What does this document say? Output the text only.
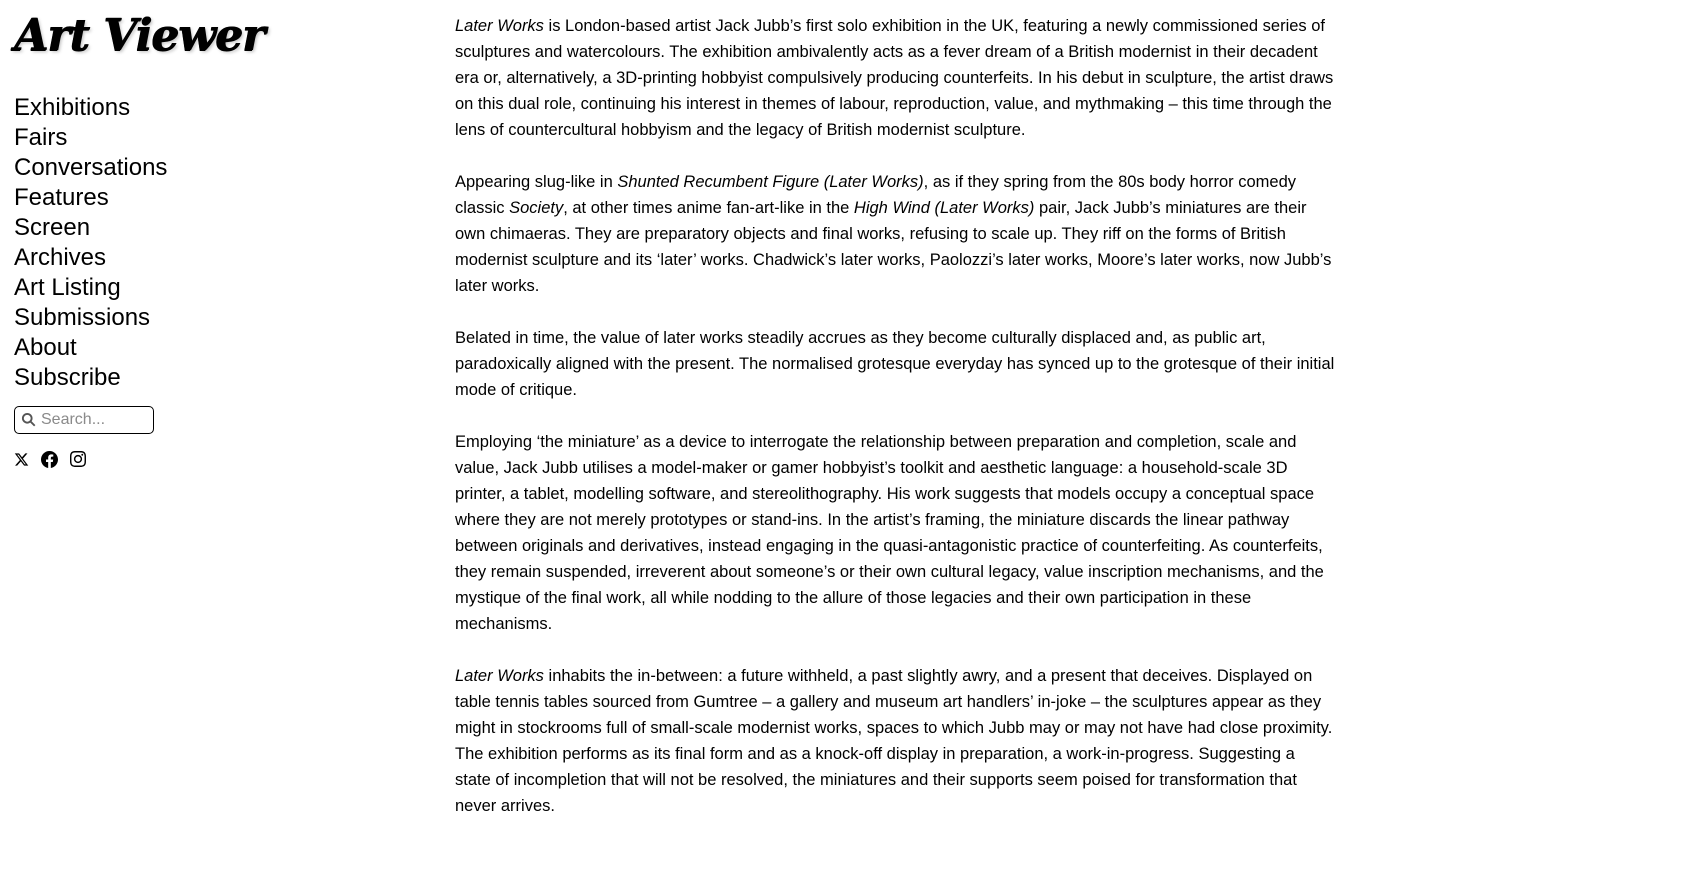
Art Viewer
Exhibitions
Fairs
Conversations
Features
Screen
Archives
Art Listing
Submissions
About
Subscribe
Search...

Later Works is London-based artist Jack Jubb’s first solo exhibition in the UK, featuring a newly commissioned series of sculptures and watercolours. The exhibition ambivalently acts as a fever dream of a British modernist in their decadent era or, alternatively, a 3D-printing hobbyist compulsively producing counterfeits. In his debut in sculpture, the artist draws on this dual role, continuing his interest in themes of labour, reproduction, value, and mythmaking – this time through the lens of countercultural hobbyism and the legacy of British modernist sculpture.

Appearing slug-like in Shunted Recumbent Figure (Later Works), as if they spring from the 80s body horror comedy classic Society, at other times anime fan-art-like in the High Wind (Later Works) pair, Jack Jubb’s miniatures are their own chimaeras. They are preparatory objects and final works, refusing to scale up. They riff on the forms of British modernist sculpture and its ‘later’ works. Chadwick’s later works, Paolozzi’s later works, Moore’s later works, now Jubb’s later works.

Belated in time, the value of later works steadily accrues as they become culturally displaced and, as public art, paradoxically aligned with the present. The normalised grotesque everyday has synced up to the grotesque of their initial mode of critique.

Employing ‘the miniature’ as a device to interrogate the relationship between preparation and completion, scale and value, Jack Jubb utilises a model-maker or gamer hobbyist’s toolkit and aesthetic language: a household-scale 3D printer, a tablet, modelling software, and stereolithography. His work suggests that models occupy a conceptual space where they are not merely prototypes or stand-ins. In the artist’s framing, the miniature discards the linear pathway between originals and derivatives, instead engaging in the quasi-antagonistic practice of counterfeiting. As counterfeits, they remain suspended, irreverent about someone’s or their own cultural legacy, value inscription mechanisms, and the mystique of the final work, all while nodding to the allure of those legacies and their own participation in these mechanisms.

Later Works inhabits the in-between: a future withheld, a past slightly awry, and a present that deceives. Displayed on table tennis tables sourced from Gumtree – a gallery and museum art handlers’ in-joke – the sculptures appear as they might in stockrooms full of small-scale modernist works, spaces to which Jubb may or may not have had close proximity. The exhibition performs as its final form and as a knock-off display in preparation, a work-in-progress. Suggesting a state of incompletion that will not be resolved, the miniatures and their supports seem poised for transformation that never arrives.
